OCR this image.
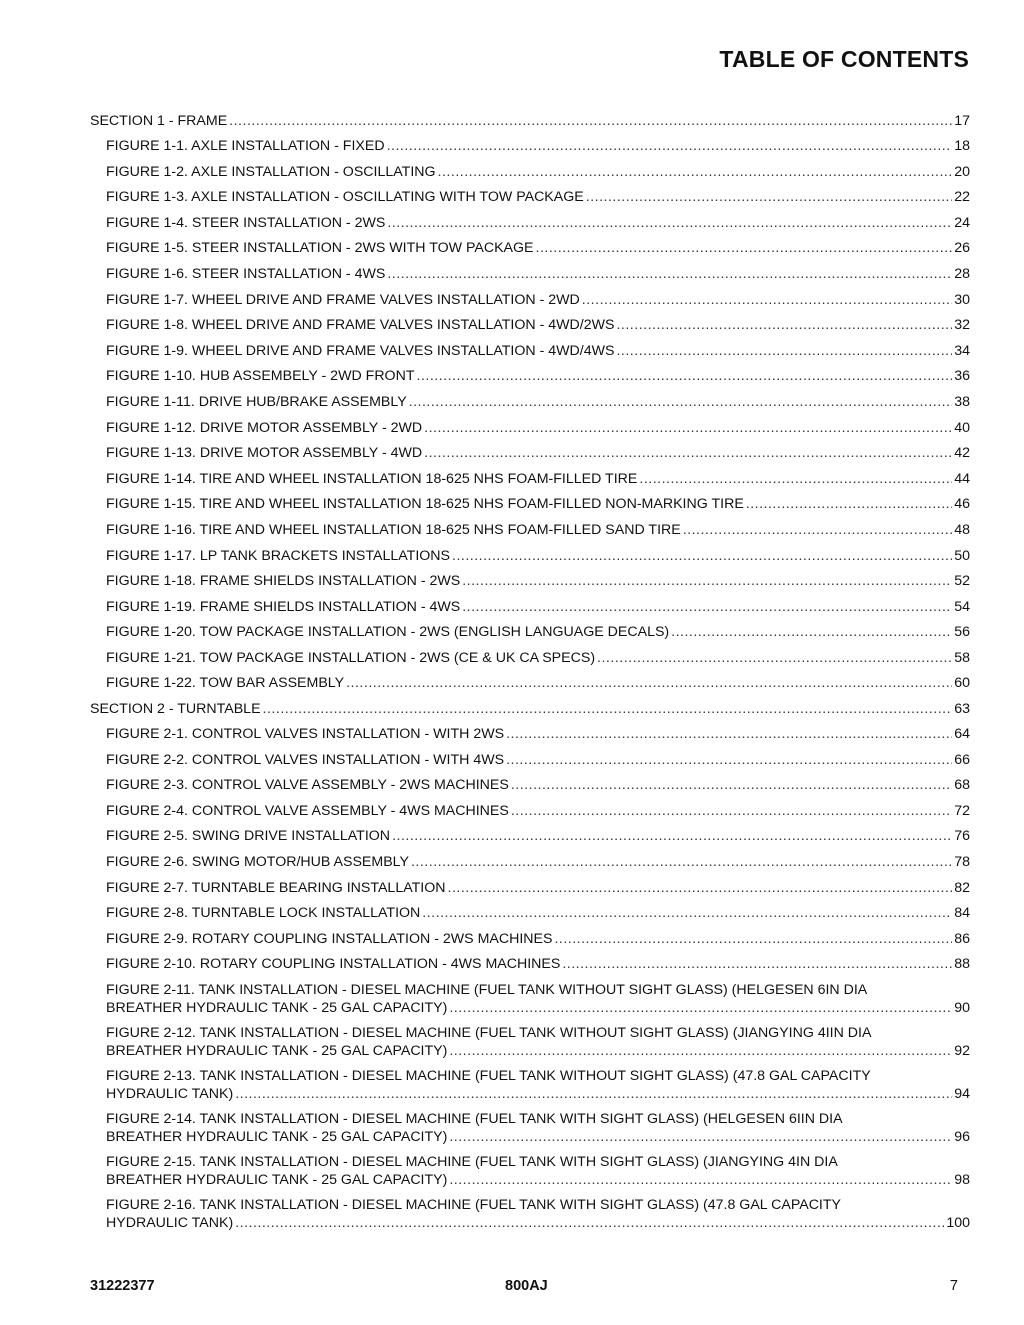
TABLE OF CONTENTS
SECTION 1 - FRAME .....	17
FIGURE 1-1. AXLE INSTALLATION - FIXED .....	18
FIGURE 1-2. AXLE INSTALLATION - OSCILLATING .....	20
FIGURE 1-3. AXLE INSTALLATION - OSCILLATING WITH TOW PACKAGE .....	22
FIGURE 1-4. STEER INSTALLATION - 2WS .....	24
FIGURE 1-5. STEER INSTALLATION - 2WS WITH TOW PACKAGE .....	26
FIGURE 1-6. STEER INSTALLATION - 4WS .....	28
FIGURE 1-7. WHEEL DRIVE AND FRAME VALVES INSTALLATION - 2WD .....	30
FIGURE 1-8. WHEEL DRIVE AND FRAME VALVES INSTALLATION - 4WD/2WS .....	32
FIGURE 1-9. WHEEL DRIVE AND FRAME VALVES INSTALLATION - 4WD/4WS .....	34
FIGURE 1-10. HUB ASSEMBELY - 2WD FRONT .....	36
FIGURE 1-11. DRIVE HUB/BRAKE ASSEMBLY .....	38
FIGURE 1-12. DRIVE MOTOR ASSEMBLY - 2WD .....	40
FIGURE 1-13. DRIVE MOTOR ASSEMBLY - 4WD .....	42
FIGURE 1-14. TIRE AND WHEEL INSTALLATION 18-625 NHS FOAM-FILLED TIRE .....	44
FIGURE 1-15. TIRE AND WHEEL INSTALLATION 18-625 NHS FOAM-FILLED NON-MARKING TIRE .....	46
FIGURE 1-16. TIRE AND WHEEL INSTALLATION 18-625 NHS FOAM-FILLED SAND TIRE .....	48
FIGURE 1-17. LP TANK BRACKETS INSTALLATIONS .....	50
FIGURE 1-18. FRAME SHIELDS INSTALLATION - 2WS .....	52
FIGURE 1-19. FRAME SHIELDS INSTALLATION - 4WS .....	54
FIGURE 1-20. TOW PACKAGE INSTALLATION - 2WS (ENGLISH LANGUAGE DECALS) .....	56
FIGURE 1-21. TOW PACKAGE INSTALLATION - 2WS (CE & UK CA SPECS) .....	58
FIGURE 1-22. TOW BAR ASSEMBLY .....	60
SECTION 2 - TURNTABLE .....	63
FIGURE 2-1. CONTROL VALVES INSTALLATION - WITH 2WS .....	64
FIGURE 2-2. CONTROL VALVES INSTALLATION - WITH 4WS .....	66
FIGURE 2-3. CONTROL VALVE ASSEMBLY - 2WS MACHINES .....	68
FIGURE 2-4. CONTROL VALVE ASSEMBLY - 4WS MACHINES .....	72
FIGURE 2-5. SWING DRIVE INSTALLATION .....	76
FIGURE 2-6. SWING MOTOR/HUB ASSEMBLY .....	78
FIGURE 2-7. TURNTABLE BEARING INSTALLATION .....	82
FIGURE 2-8. TURNTABLE LOCK INSTALLATION .....	84
FIGURE 2-9. ROTARY COUPLING INSTALLATION - 2WS MACHINES .....	86
FIGURE 2-10. ROTARY COUPLING INSTALLATION - 4WS MACHINES .....	88
FIGURE 2-11. TANK INSTALLATION - DIESEL MACHINE (FUEL TANK WITHOUT SIGHT GLASS) (HELGESEN 6IN DIA
BREATHER HYDRAULIC TANK - 25 GAL CAPACITY) .....	90
FIGURE 2-12. TANK INSTALLATION - DIESEL MACHINE (FUEL TANK WITHOUT SIGHT GLASS) (JIANGYING 4IIN DIA
BREATHER HYDRAULIC TANK - 25 GAL CAPACITY) .....	92
FIGURE 2-13. TANK INSTALLATION - DIESEL MACHINE (FUEL TANK WITHOUT SIGHT GLASS) (47.8 GAL CAPACITY
HYDRAULIC TANK) .....	94
FIGURE 2-14. TANK INSTALLATION - DIESEL MACHINE (FUEL TANK WITH SIGHT GLASS) (HELGESEN 6IIN DIA
BREATHER HYDRAULIC TANK - 25 GAL CAPACITY) .....	96
FIGURE 2-15. TANK INSTALLATION - DIESEL MACHINE (FUEL TANK WITH SIGHT GLASS) (JIANGYING 4IN DIA
BREATHER HYDRAULIC TANK - 25 GAL CAPACITY) .....	98
FIGURE 2-16. TANK INSTALLATION - DIESEL MACHINE (FUEL TANK WITH SIGHT GLASS) (47.8 GAL CAPACITY
HYDRAULIC TANK) .....	100
31222377	800AJ	7
